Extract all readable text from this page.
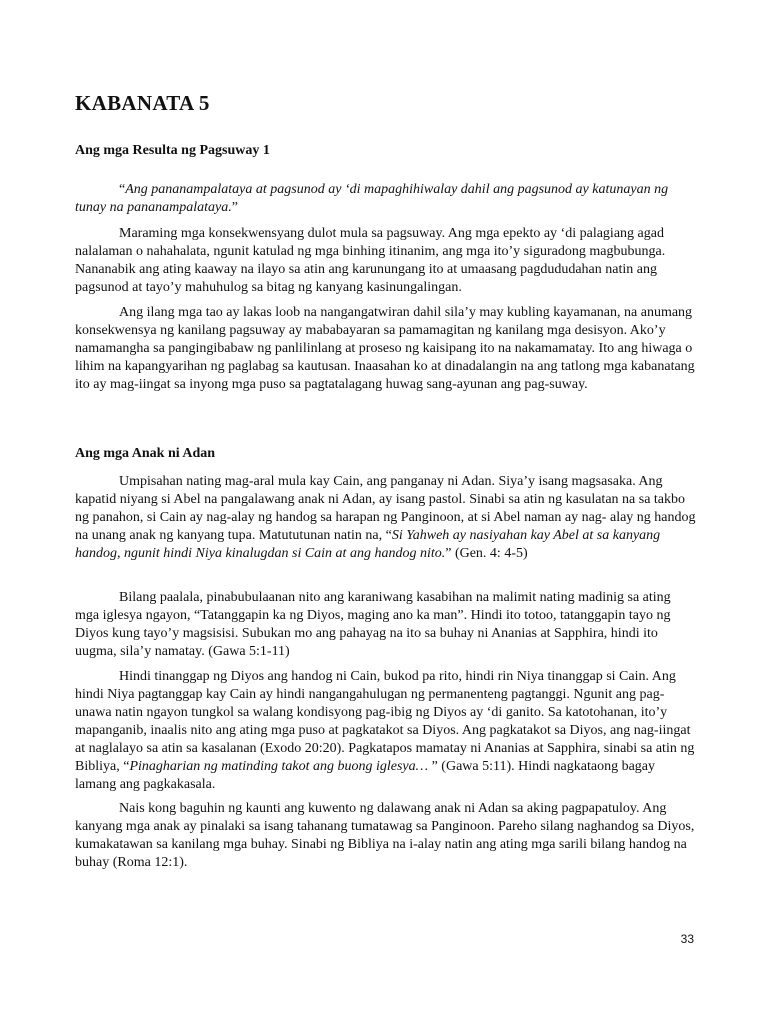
KABANATA 5
Ang mga Resulta ng Pagsuway 1

“Ang pananampalataya at pagsunod ay ‘di mapaghihiwalay dahil ang pagsunod ay katunayan ng tunay na pananampalataya.”

Maraming mga konsekwensyang dulot mula sa pagsuway. Ang mga epekto ay ‘di palagiang agad nalalaman o nahahalata, ngunit katulad ng mga binhing itinanim, ang mga ito’y siguradong magbubunga. Nananabik ang ating kaaway na ilayo sa atin ang karunungang ito at umaasang pagdududahan natin ang pagsunod at tayo’y mahuhulog sa bitag ng kanyang kasinungalingan.

Ang ilang mga tao ay lakas loob na nangangatwiran dahil sila’y may kubling kayamanan, na anumang konsekwensya ng kanilang pagsuway ay mababayaran sa pamamagitan ng kanilang mga desisyon. Ako’y namamangha sa pangingibabaw ng panlilinlang at proseso ng kaisipang ito na nakamamatay. Ito ang hiwaga o lihim na kapangyarihan ng paglabag sa kautusan. Inaasahan ko at dinadalangin na ang tatlong mga kabanatang ito ay mag-iingat sa inyong mga puso sa pagtatalagang huwag sang-ayunan ang pag-suway.

Ang mga Anak ni Adan

Umpisahan nating mag-aral mula kay Cain, ang panganay ni Adan. Siya’y isang magsasaka. Ang kapatid niyang si Abel na pangalawang anak ni Adan, ay isang pastol. Sinabi sa atin ng kasulatan na sa takbo ng panahon, si Cain ay nag-alay ng handog sa harapan ng Panginoon, at si Abel naman ay nag- alay ng handog na unang anak ng kanyang tupa. Matututunan natin na, “Si Yahweh ay nasiyahan kay Abel at sa kanyang handog, ngunit hindi Niya kinalugdan si Cain at ang handog nito.” (Gen. 4: 4-5)

Bilang paalala, pinabubulaanan nito ang karaniwang kasabihan na malimit nating madinig sa ating mga iglesya ngayon, “Tatanggapin ka ng Diyos, maging ano ka man”. Hindi ito totoo, tatanggapin tayo ng Diyos kung tayo’y magsisisi. Subukan mo ang pahayag na ito sa buhay ni Ananias at Sapphira, hindi ito uugma, sila’y namatay. (Gawa 5:1-11)

Hindi tinanggap ng Diyos ang handog ni Cain, bukod pa rito, hindi rin Niya tinanggap si Cain. Ang hindi Niya pagtanggap kay Cain ay hindi nangangahulugan ng permanenteng pagtanggi. Ngunit ang pag-unawa natin ngayon tungkol sa walang kondisyong pag-ibig ng Diyos ay ‘di ganito. Sa katotohanan, ito’y mapanganib, inaalis nito ang ating mga puso at pagkatakot sa Diyos. Ang pagkatakot sa Diyos, ang nag-iingat at naglalayo sa atin sa kasalanan (Exodo 20:20). Pagkatapos mamatay ni Ananias at Sapphira, sinabi sa atin ng Bibliya, “Pinagharian ng matinding takot ang buong iglesya… ” (Gawa 5:11). Hindi nagkataong bagay lamang ang pagkakasala.

Nais kong baguhin ng kaunti ang kuwento ng dalawang anak ni Adan sa aking pagpapatuloy. Ang kanyang mga anak ay pinalaki sa isang tahanang tumatawag sa Panginoon. Pareho silang naghandog sa Diyos, kumakatawan sa kanilang mga buhay. Sinabi ng Bibliya na i-alay natin ang ating mga sarili bilang handog na buhay (Roma 12:1).

33
